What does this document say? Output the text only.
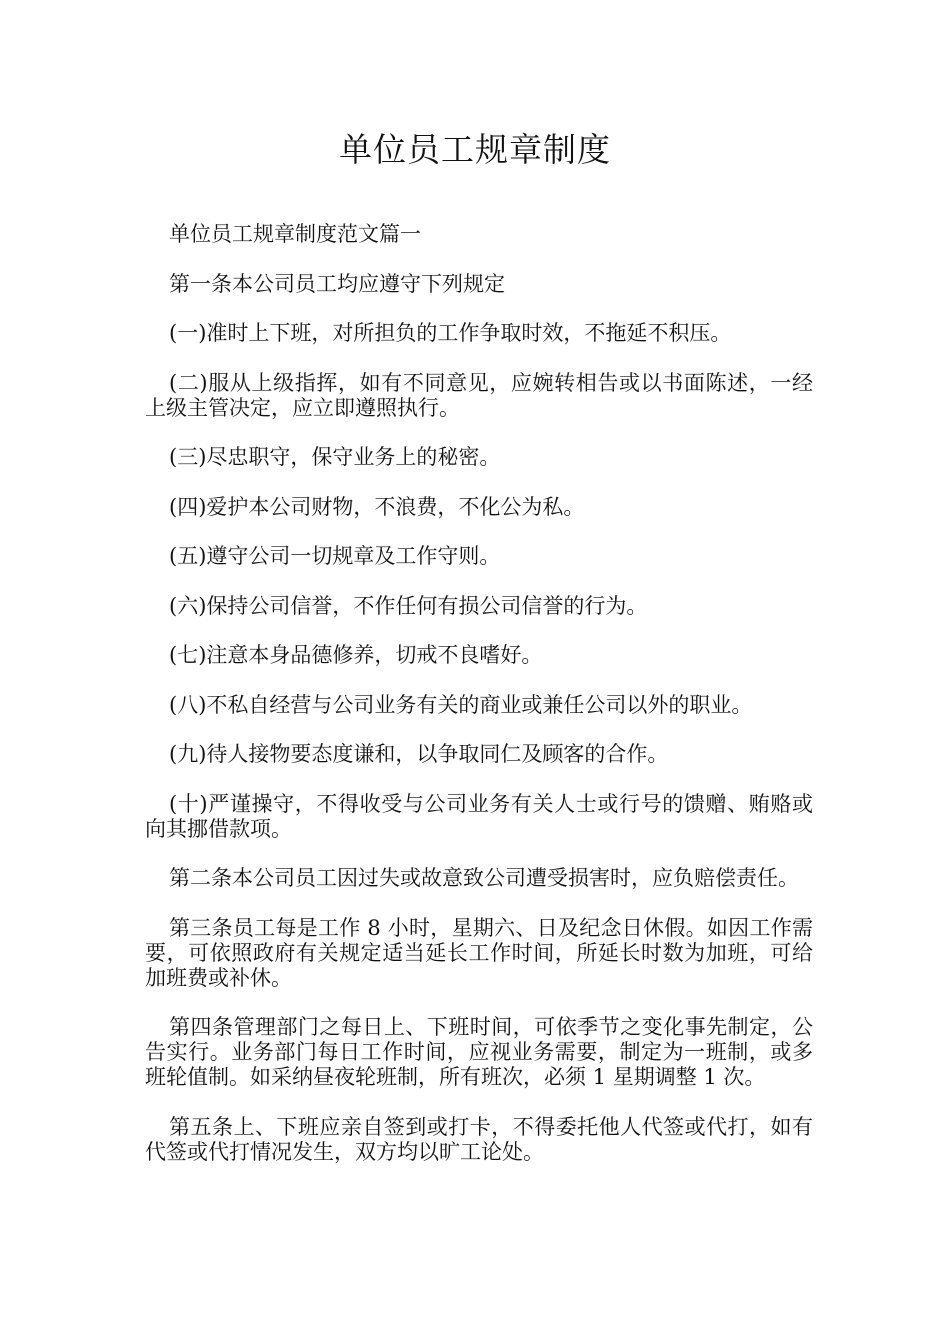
单位员工规章制度

单位员工规章制度范文篇一

第一条本公司员工均应遵守下列规定

(一)准时上下班，对所担负的工作争取时效，不拖延不积压。

(二)服从上级指挥，如有不同意见，应婉转相告或以书面陈述，一经上级主管决定，应立即遵照执行。

(三)尽忠职守，保守业务上的秘密。

(四)爱护本公司财物，不浪费，不化公为私。

(五)遵守公司一切规章及工作守则。

(六)保持公司信誉，不作任何有损公司信誉的行为。

(七)注意本身品德修养，切戒不良嗜好。

(八)不私自经营与公司业务有关的商业或兼任公司以外的职业。

(九)待人接物要态度谦和，以争取同仁及顾客的合作。

(十)严谨操守，不得收受与公司业务有关人士或行号的馈赠、贿赂或向其挪借款项。

第二条本公司员工因过失或故意致公司遭受损害时，应负赔偿责任。

第三条员工每是工作 8 小时，星期六、日及纪念日休假。如因工作需要，可依照政府有关规定适当延长工作时间，所延长时数为加班，可给加班费或补休。

第四条管理部门之每日上、下班时间，可依季节之变化事先制定，公告实行。业务部门每日工作时间，应视业务需要，制定为一班制，或多班轮值制。如采纳昼夜轮班制，所有班次，必须 1 星期调整 1 次。

第五条上、下班应亲自签到或打卡，不得委托他人代签或代打，如有代签或代打情况发生，双方均以旷工论处。
